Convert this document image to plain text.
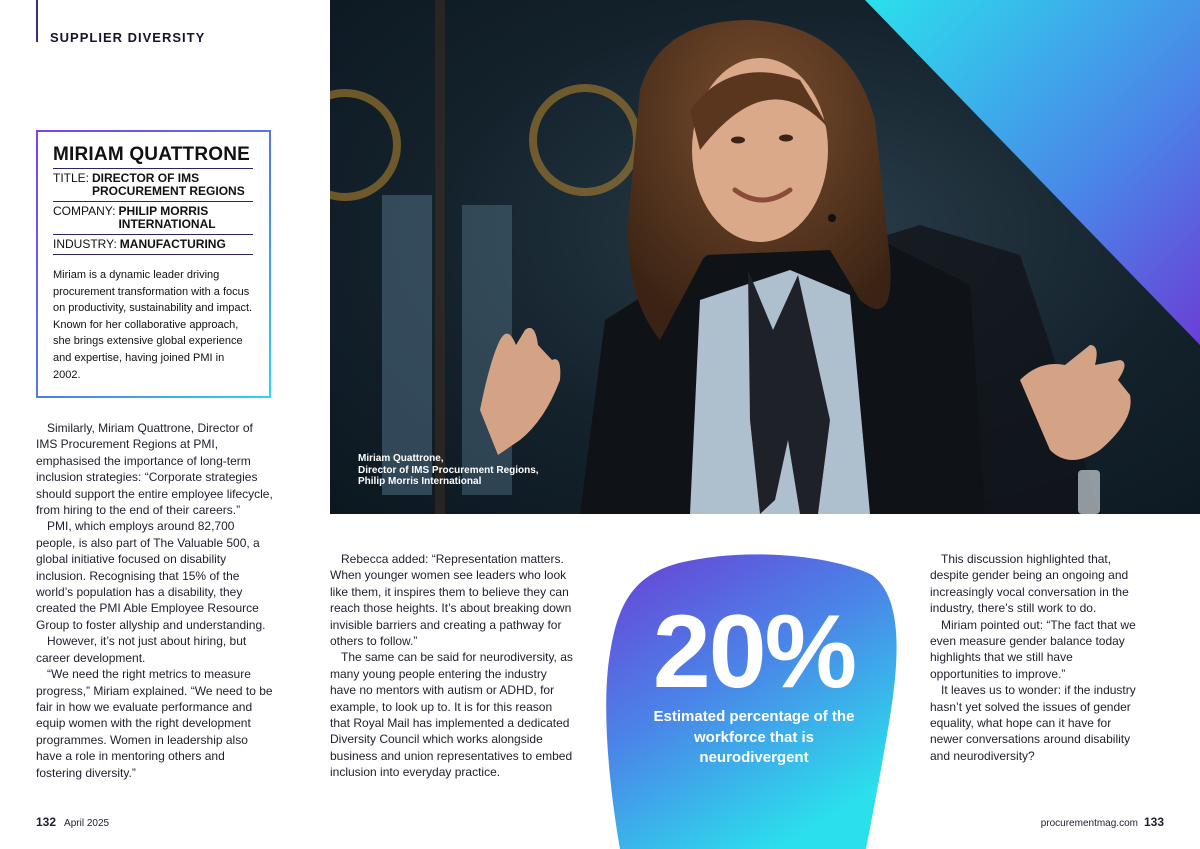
SUPPLIER DIVERSITY
MIRIAM QUATTRONE
TITLE: DIRECTOR OF IMS PROCUREMENT REGIONS
COMPANY: PHILIP MORRIS INTERNATIONAL
INDUSTRY: MANUFACTURING
Miriam is a dynamic leader driving procurement transformation with a focus on productivity, sustainability and impact. Known for her collaborative approach, she brings extensive global experience and expertise, having joined PMI in 2002.
Miriam Quattrone,
Director of IMS Procurement Regions,
Philip Morris International

Similarly, Miriam Quattrone, Director of IMS Procurement Regions at PMI, emphasised the importance of long-term inclusion strategies: “Corporate strategies should support the entire employee lifecycle, from hiring to the end of their careers.”

PMI, which employs around 82,700 people, is also part of The Valuable 500, a global initiative focused on disability inclusion. Recognising that 15% of the world’s population has a disability, they created the PMI Able Employee Resource Group to foster allyship and understanding.

However, it’s not just about hiring, but career development.

“We need the right metrics to measure progress,” Miriam explained. “We need to be fair in how we evaluate performance and equip women with the right development programmes. Women in leadership also have a role in mentoring others and fostering diversity.”

Rebecca added: “Representation matters. When younger women see leaders who look like them, it inspires them to believe they can reach those heights. It’s about breaking down invisible barriers and creating a pathway for others to follow.”

The same can be said for neurodiversity, as many young people entering the industry have no mentors with autism or ADHD, for example, to look up to. It is for this reason that Royal Mail has implemented a dedicated Diversity Council which works alongside business and union representatives to embed inclusion into everyday practice.

20%
Estimated percentage of the workforce that is neurodivergent

This discussion highlighted that, despite gender being an ongoing and increasingly vocal conversation in the industry, there’s still work to do.

Miriam pointed out: “The fact that we even measure gender balance today highlights that we still have opportunities to improve.”

It leaves us to wonder: if the industry hasn’t yet solved the issues of gender equality, what hope can it have for newer conversations around disability and neurodiversity?

132 April 2025	procurementmag.com 133
